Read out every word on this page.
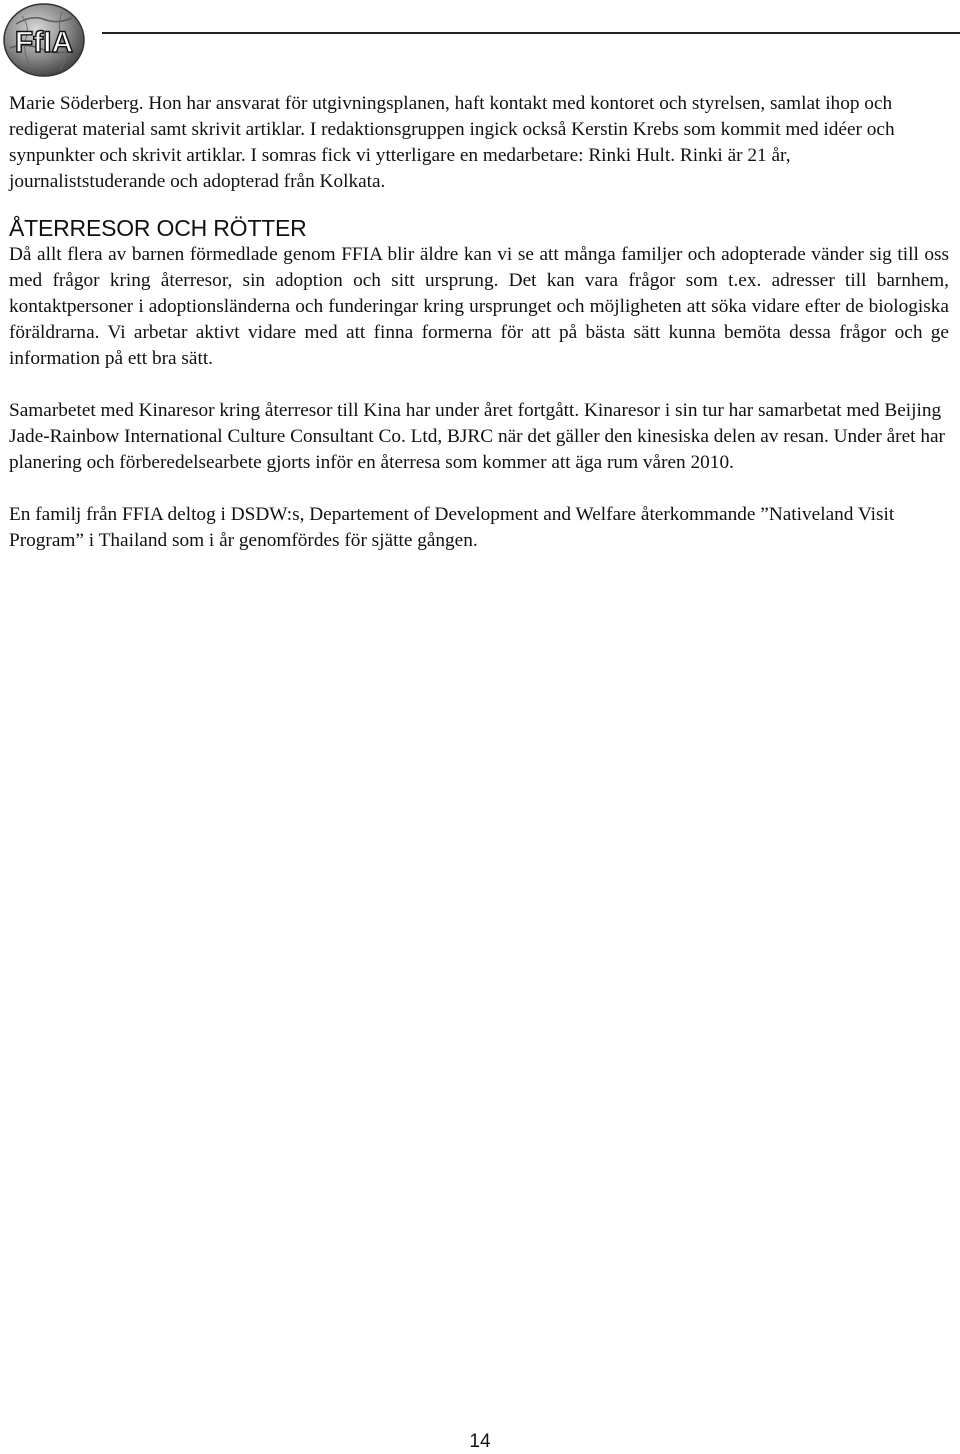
FfIA

Marie Söderberg. Hon har ansvarat för utgivningsplanen, haft kontakt med kontoret och styrelsen, samlat ihop och redigerat material samt skrivit artiklar. I redaktionsgruppen ingick också Kerstin Krebs som kommit med idéer och synpunkter och skrivit artiklar. I somras fick vi ytterligare en medarbetare: Rinki Hult. Rinki är 21 år, journaliststuderande och adopterad från Kolkata.

ÅTERRESOR OCH RÖTTER

Då allt flera av barnen förmedlade genom FFIA blir äldre kan vi se att många familjer och adopterade vänder sig till oss med frågor kring återresor, sin adoption och sitt ursprung. Det kan vara frågor som t.ex. adresser till barnhem, kontaktpersoner i adoptionsländerna och funderingar kring ursprunget och möjligheten att söka vidare efter de biologiska föräldrarna. Vi arbetar aktivt vidare med att finna formerna för att på bästa sätt kunna bemöta dessa frågor och ge information på ett bra sätt.

Samarbetet med Kinaresor kring återresor till Kina har under året fortgått. Kinaresor i sin tur har samarbetat med Beijing Jade-Rainbow International Culture Consultant Co. Ltd, BJRC när det gäller den kinesiska delen av resan. Under året har planering och förberedelsearbete gjorts inför en återresa som kommer att äga rum våren 2010.

En familj från FFIA deltog i DSDW:s, Departement of Development and Welfare återkommande ”Nativeland Visit Program” i Thailand som i år genomfördes för sjätte gången.

14
